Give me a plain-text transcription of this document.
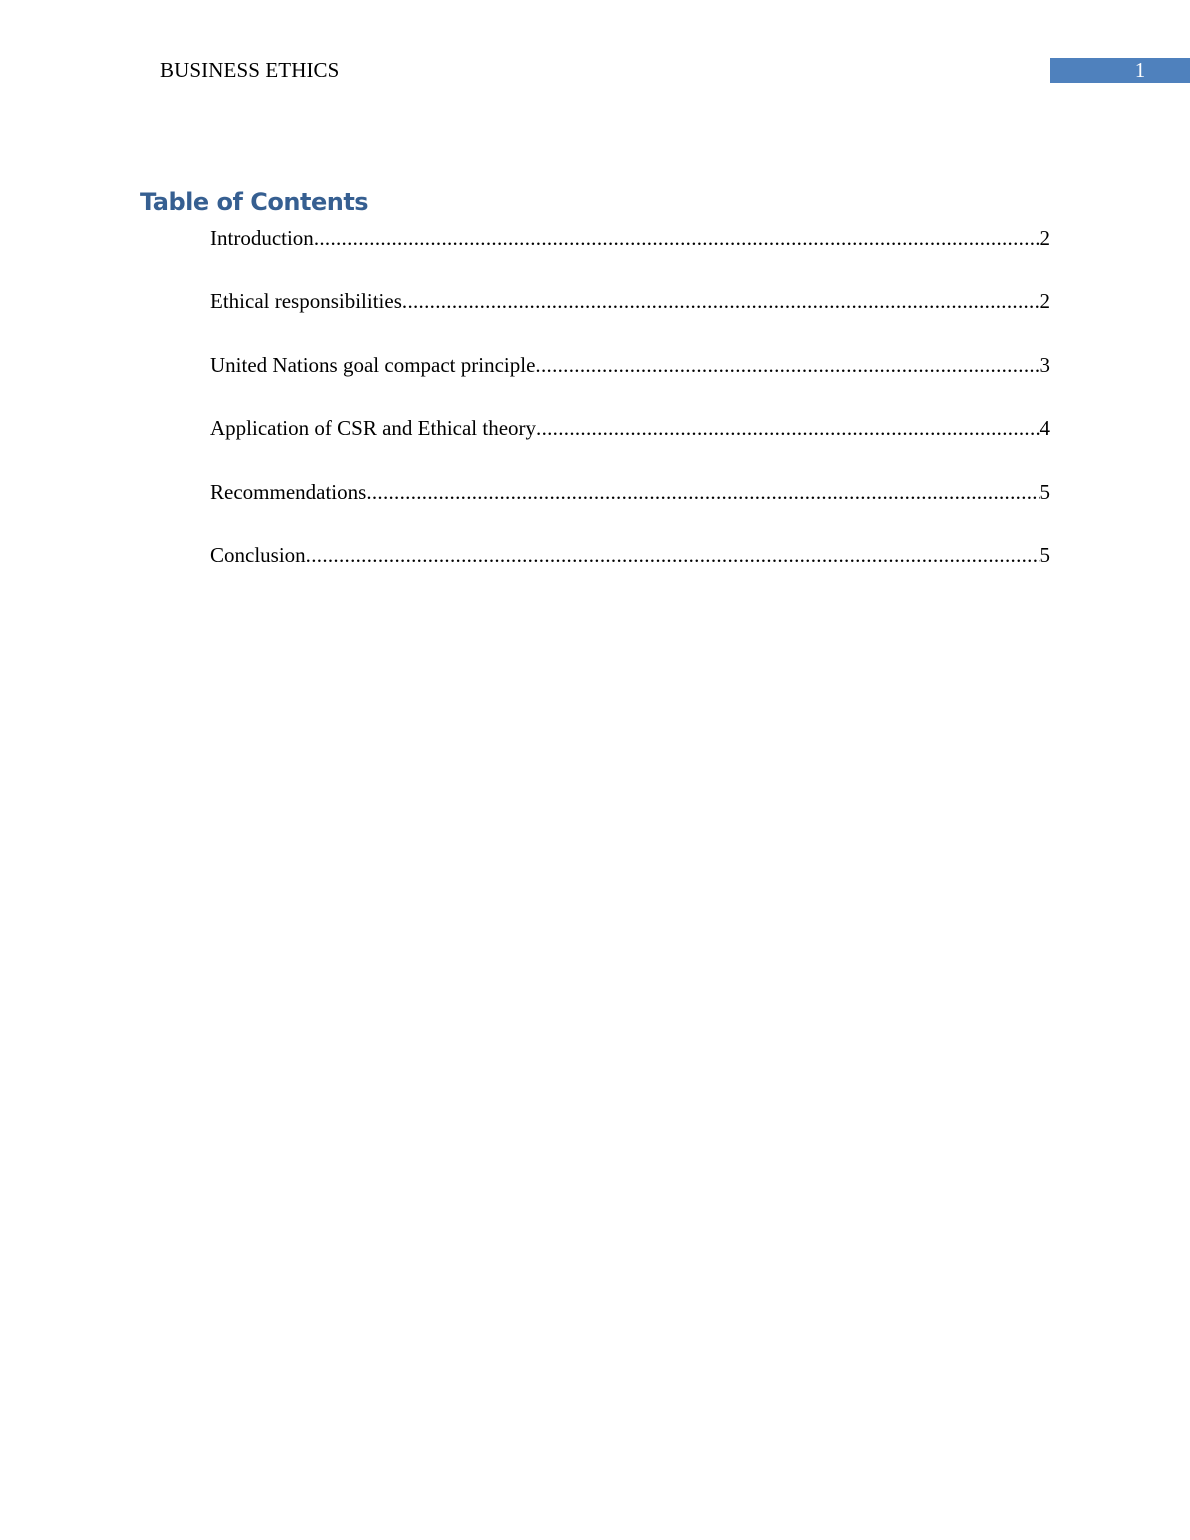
BUSINESS ETHICS	1
Table of Contents
Introduction .....	2
Ethical responsibilities .....	2
United Nations goal compact principle .....	3
Application of CSR and Ethical theory .....	4
Recommendations .....	5
Conclusion .....	5
